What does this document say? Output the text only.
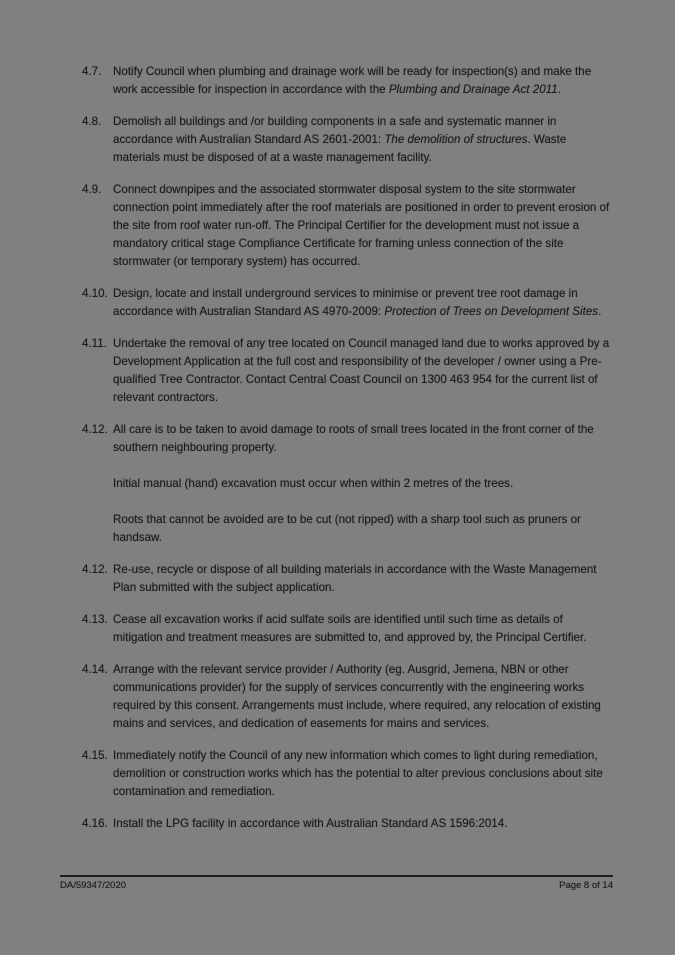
4.7.	Notify Council when plumbing and drainage work will be ready for inspection(s) and make the work accessible for inspection in accordance with the Plumbing and Drainage Act 2011.

4.8.	Demolish all buildings and /or building components in a safe and systematic manner in accordance with Australian Standard AS 2601-2001: The demolition of structures. Waste materials must be disposed of at a waste management facility.

4.9.	Connect downpipes and the associated stormwater disposal system to the site stormwater connection point immediately after the roof materials are positioned in order to prevent erosion of the site from roof water run-off. The Principal Certifier for the development must not issue a mandatory critical stage Compliance Certificate for framing unless connection of the site stormwater (or temporary system) has occurred.

4.10. Design, locate and install underground services to minimise or prevent tree root damage in accordance with Australian Standard AS 4970-2009: Protection of Trees on Development Sites.

4.11. Undertake the removal of any tree located on Council managed land due to works approved by a Development Application at the full cost and responsibility of the developer / owner using a Pre-qualified Tree Contractor. Contact Central Coast Council on 1300 463 954 for the current list of relevant contractors.

4.12. All care is to be taken to avoid damage to roots of small trees located in the front corner of the southern neighbouring property.

Initial manual (hand) excavation must occur when within 2 metres of the trees.

Roots that cannot be avoided are to be cut (not ripped) with a sharp tool such as pruners or handsaw.

4.12. Re-use, recycle or dispose of all building materials in accordance with the Waste Management Plan submitted with the subject application.

4.13. Cease all excavation works if acid sulfate soils are identified until such time as details of mitigation and treatment measures are submitted to, and approved by, the Principal Certifier.

4.14. Arrange with the relevant service provider / Authority (eg. Ausgrid, Jemena, NBN or other communications provider) for the supply of services concurrently with the engineering works required by this consent. Arrangements must include, where required, any relocation of existing mains and services, and dedication of easements for mains and services.

4.15. Immediately notify the Council of any new information which comes to light during remediation, demolition or construction works which has the potential to alter previous conclusions about site contamination and remediation.

4.16. Install the LPG facility in accordance with Australian Standard AS 1596:2014.

DA/59347/2020	Page 8 of 14
